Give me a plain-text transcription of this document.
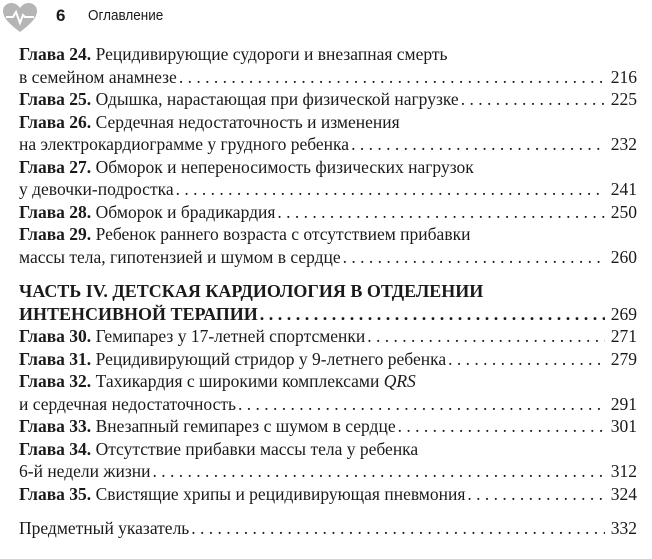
6 Оглавление
Глава 24.
Рецидивирующие судороги и внезапная смерть
в семейном анамнезе . . .	216
Глава 25.
Одышка, нарастающая при физической нагрузке . . .	225
Глава 26.
Сердечная недостаточность и изменения
на электрокардиограмме у грудного ребенка . . .	232
Глава 27.
Обморок и непереносимость физических нагрузок
у девочки-подростка . . .	241
Глава 28.
Обморок и брадикардия . . .	250
Глава 29.
Ребенок раннего возраста с отсутствием прибавки
массы тела, гипотензией и шумом в сердце . . .	260
ЧАСТЬ IV. ДЕТСКАЯ КАРДИОЛОГИЯ В ОТДЕЛЕНИИ
ИНТЕНСИВНОЙ ТЕРАПИИ . . .	269
Глава 30.
Гемипарез у 17-летней спортсменки . . .	271
Глава 31.
Рецидивирующий стридор у 9-летнего ребенка . . .	279
Глава 32.
Тахикардия с широкими комплексами
QRS
и сердечная недостаточность . . .	291
Глава 33.
Внезапный гемипарез с шумом в сердце . . .	301
Глава 34.
Отсутствие прибавки массы тела у ребенка
6-й недели жизни . . .	312
Глава 35.
Свистящие хрипы и рецидивирующая пневмония . . .	324
Предметный указатель . . .	332
